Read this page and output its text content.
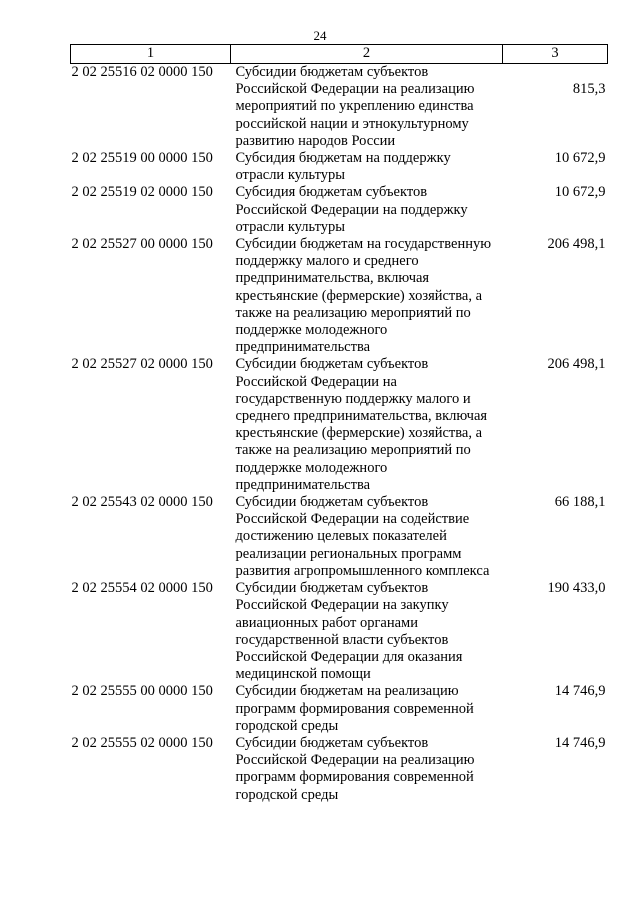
24
1	2	3
2 02 25516 02 0000 150	Субсидии бюджетам субъектов Российской Федерации на реализацию мероприятий по укреплению единства российской нации и этнокультурному развитию народов России	815,3

2 02 25519 00 0000 150	Субсидия бюджетам на поддержку отрасли культуры	10 672,9
2 02 25519 02 0000 150	Субсидия бюджетам субъектов Российской Федерации на поддержку отрасли культуры	10 672,9
2 02 25527 00 0000 150	Субсидии бюджетам на государственную поддержку малого и среднего предпринимательства, включая крестьянские (фермерские) хозяйства, а также на реализацию мероприятий по поддержке молодежного предпринимательства	206 498,1
2 02 25527 02 0000 150	Субсидии бюджетам субъектов Российской Федерации на государственную поддержку малого и среднего предпринимательства, включая крестьянские (фермерские) хозяйства, а также на реализацию мероприятий по поддержке молодежного предпринимательства	206 498,1
2 02 25543 02 0000 150	Субсидии бюджетам субъектов Российской Федерации на содействие достижению целевых показателей реализации региональных программ развития агропромышленного комплекса	66 188,1
2 02 25554 02 0000 150	Субсидии бюджетам субъектов Российской Федерации на закупку авиационных работ органами государственной власти субъектов Российской Федерации для оказания медицинской помощи	190 433,0
2 02 25555 00 0000 150	Субсидии бюджетам на реализацию программ формирования современной городской среды	14 746,9
2 02 25555 02 0000 150	Субсидии бюджетам субъектов Российской Федерации на реализацию программ формирования современной городской среды	14 746,9
